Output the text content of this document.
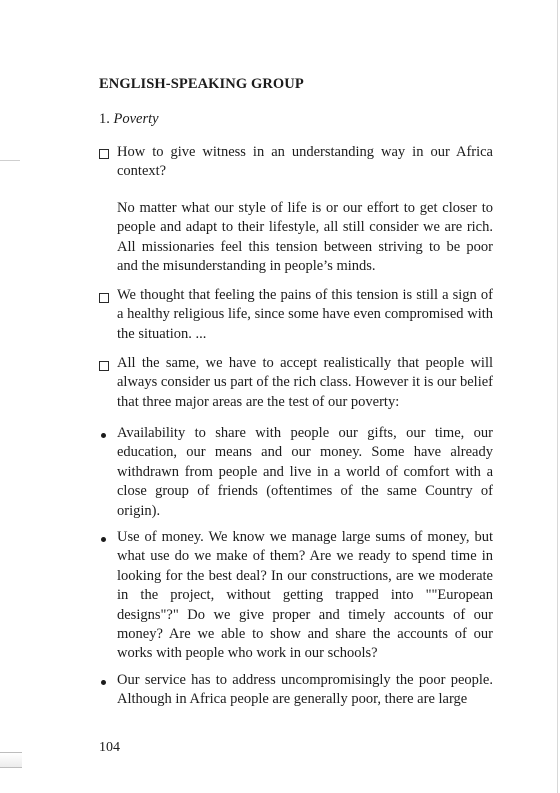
ENGLISH-SPEAKING GROUP
1. Poverty
How to give witness in an understanding way in our Africa context?
No matter what our style of life is or our effort to get closer to people and adapt to their lifestyle, all still consider we are rich. All missionaries feel this tension between striving to be poor and the misunderstanding in people’s minds.
We thought that feeling the pains of this tension is still a sign of a healthy religious life, since some have even compromised with the situation. ...
All the same, we have to accept realistically that people will always consider us part of the rich class. However it is our belief that three major areas are the test of our poverty:
Availability to share with people our gifts, our time, our education, our means and our money. Some have already withdrawn from people and live in a world of comfort with a close group of friends (oftentimes of the same Country of origin).
Use of money. We know we manage large sums of money, but what use do we make of them? Are we ready to spend time in looking for the best deal? In our constructions, are we moderate in the project, without getting trapped into ""European designs"?" Do we give proper and timely accounts of our money? Are we able to show and share the accounts of our works with people who work in our schools?
Our service has to address uncompromisingly the poor people. Although in Africa people are generally poor, there are large
104
